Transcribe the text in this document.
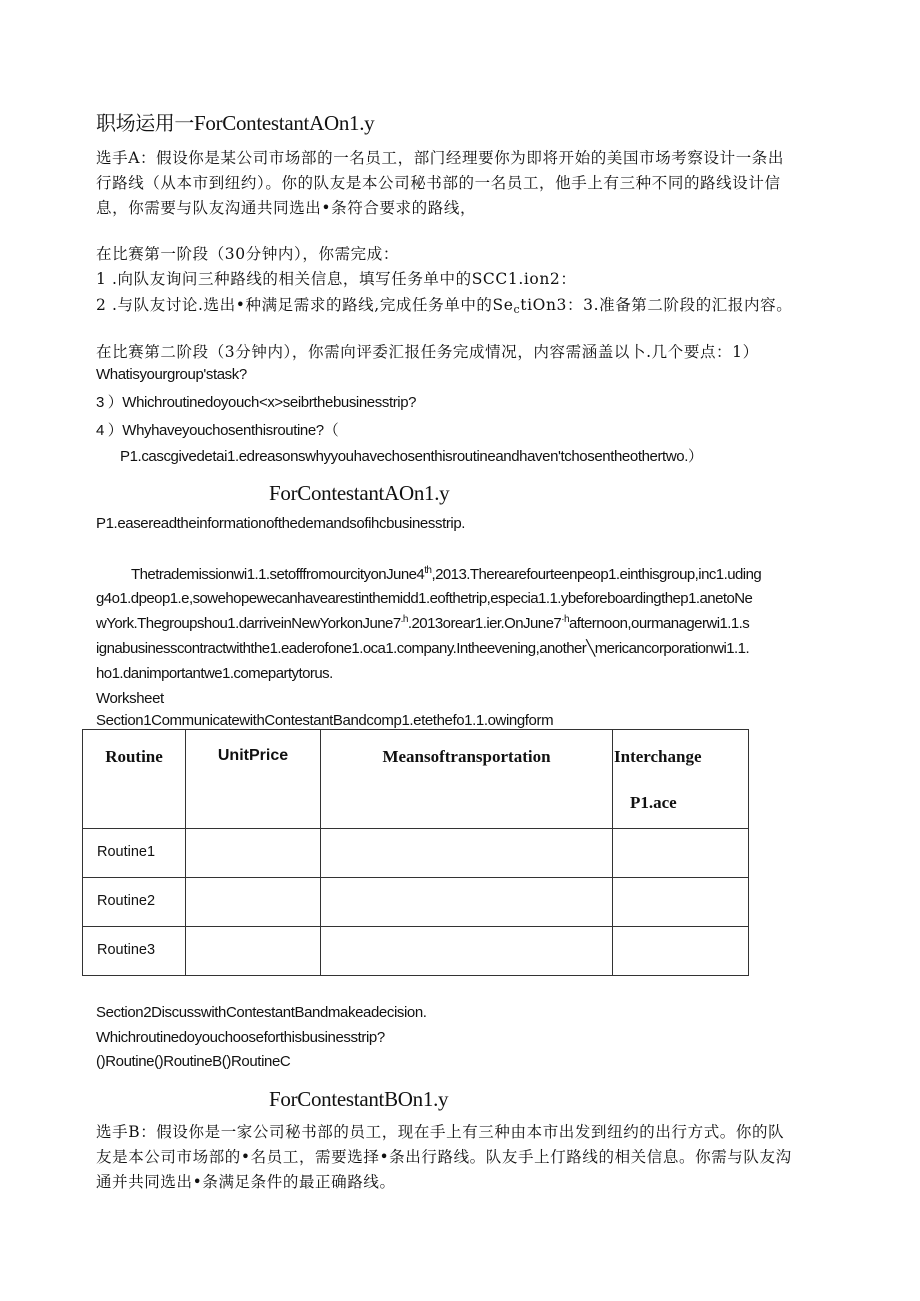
职场运用一ForContestantAOn1.y
选手A：假设你是某公司市场部的一名员工，部门经理要你为即将开始的美国市场考察设计一条出
行路线（从本市到纽约）。你的队友是本公司秘书部的一名员工，他手上有三种不同的路线设计信
息，你需要与队友沟通共同选出•条符合要求的路线，
在比赛第一阶段（30分钟内），你需完成：
1 .向队友询问三种路线的相关信息，填写任务单中的SCC1.ion2：
2 .与队友讨论.选出•种满足需求的路线,完成任务单中的SectiOn3：3.准备第二阶段的汇报内容。
在比赛第二阶段（3分钟内），你需向评委汇报任务完成情况，内容需涵盖以卜.几个要点：1）
Whatisyourgroup'stask?
3 ）Whichroutinedoyouch<x>seibrthebusinesstrip?
4 ）Whyhaveyouchosenthisroutine?（
P1.cascgivedetai1.edreasonswhyyouhavechosenthisroutineandhaven'tchosentheothertwo.）
ForContestantAOn1.y
P1.easereadtheinformationofthedemandsofihcbusinesstrip.
Thetrademissionwi1.1.setofffromourcityonJune4th,2013.Therearefourteenpeop1.einthisgroup,inc1.uding
g4o1.dpeop1.e,sowehopewecanhavearestinthemidd1.eofthetrip,especia1.1.ybeforeboardingthep1.anetoNe
$wYork.Thegroupshou1.darriveinNewYorkonJune7^{.h}.2013orear1.ier.OnJune7^{\cdot h}afternoon,ourmanagerwi1.1.s$
ignabusinesscontractwiththe1.eaderofone1.oca1.company.Intheevening,another╲mericancorporationwi1.1.
ho1.danimportantwe1.comepartytorus.
Worksheet
Section1CommunicatewithContestantBandcomp1.etethefo1.1.owingform
Routine	UnitPrice	Meansoftransportation	Interchange
P1.ace

Routine1			

Routine2			

Routine3			

Section2DiscusswithContestantBandmakeadecision.
Whichroutinedoyouchooseforthisbusinesstrip?
()Routine()RoutineB()RoutineC
ForContestantBOn1.y
选手B：假设你是一家公司秘书部的员工，现在手上有三种由本市出发到纽约的出行方式。你的队
友是本公司市场部的•名员工，需要选择•条出行路线。队友手上仃路线的相关信息。你需与队友沟
通并共同选出•条满足条件的最正确路线。
